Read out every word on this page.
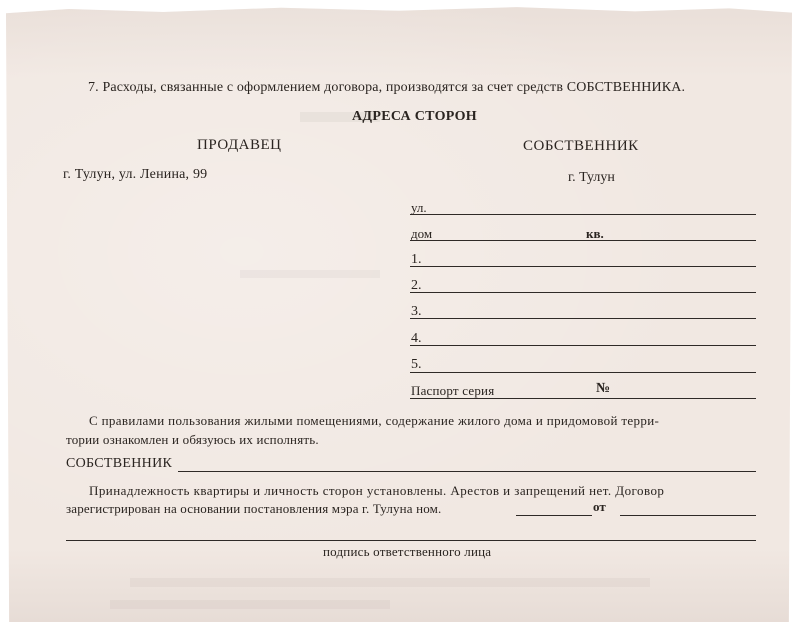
7. Расходы, связанные с оформлением договора, производятся за счет средств СОБСТВЕННИКА.
АДРЕСА СТОРОН
ПРОДАВЕЦ	СОБСТВЕННИК
г. Тулун, ул. Ленина, 99	г. Тулун
ул.
дом	кв.
1.
2.
3.
4.
5.
Паспорт серия	№
С правилами пользования жилыми помещениями, содержание жилого дома и придомовой терри-
тории ознакомлен и обязуюсь их исполнять.
СОБСТВЕННИК
Принадлежность квартиры и личность сторон установлены. Арестов и запрещений нет. Договор
зарегистрирован на основании постановления мэра г. Тулуна ном.	от
подпись ответственного лица
